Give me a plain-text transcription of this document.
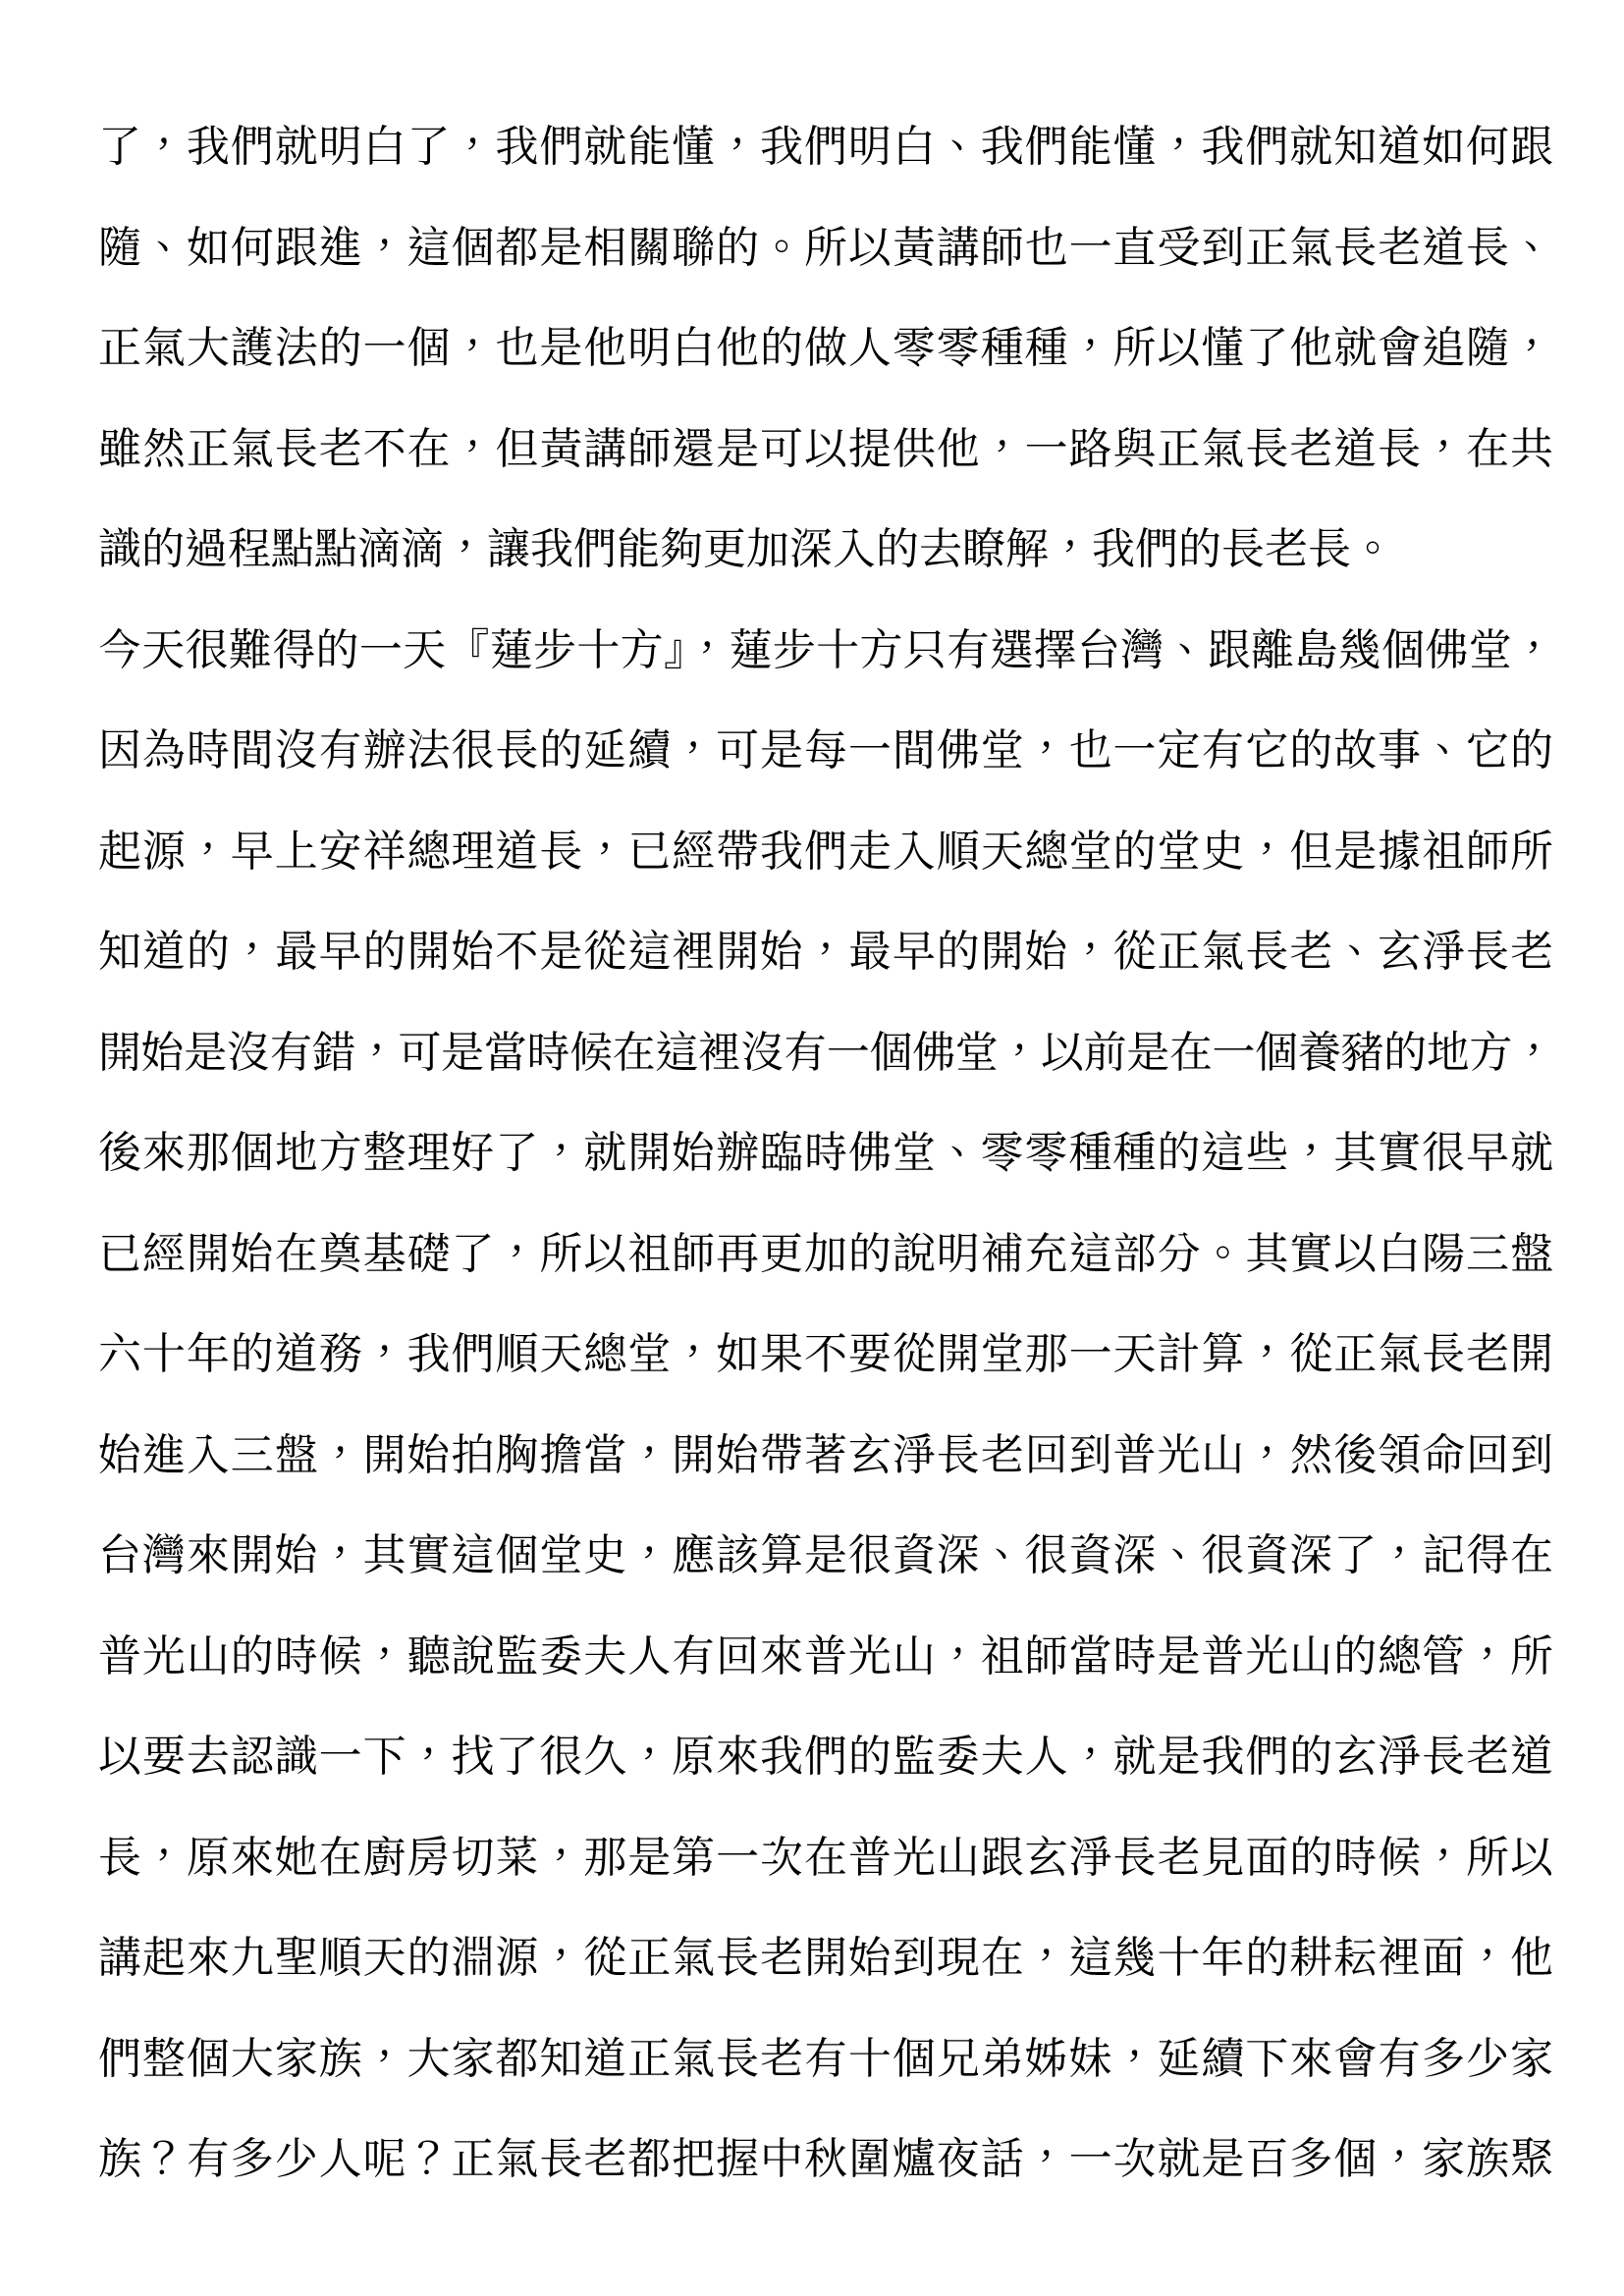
了，我們就明白了，我們就能懂，我們明白、我們能懂，我們就知道如何跟
隨、如何跟進，這個都是相關聯的。所以黃講師也一直受到正氣長老道長、
正氣大護法的一個，也是他明白他的做人零零種種，所以懂了他就會追隨，
雖然正氣長老不在，但黃講師還是可以提供他，一路與正氣長老道長，在共
識的過程點點滴滴，讓我們能夠更加深入的去瞭解，我們的長老長。
今天很難得的一天『蓮步十方』，蓮步十方只有選擇台灣、跟離島幾個佛堂，
因為時間沒有辦法很長的延續，可是每一間佛堂，也一定有它的故事、它的
起源，早上安祥總理道長，已經帶我們走入順天總堂的堂史，但是據祖師所
知道的，最早的開始不是從這裡開始，最早的開始，從正氣長老、玄淨長老
開始是沒有錯，可是當時候在這裡沒有一個佛堂，以前是在一個養豬的地方，
後來那個地方整理好了，就開始辦臨時佛堂、零零種種的這些，其實很早就
已經開始在奠基礎了，所以祖師再更加的說明補充這部分。其實以白陽三盤
六十年的道務，我們順天總堂，如果不要從開堂那一天計算，從正氣長老開
始進入三盤，開始拍胸擔當，開始帶著玄淨長老回到普光山，然後領命回到
台灣來開始，其實這個堂史，應該算是很資深、很資深、很資深了，記得在
普光山的時候，聽說監委夫人有回來普光山，祖師當時是普光山的總管，所
以要去認識一下，找了很久，原來我們的監委夫人，就是我們的玄淨長老道
長，原來她在廚房切菜，那是第一次在普光山跟玄淨長老見面的時候，所以
講起來九聖順天的淵源，從正氣長老開始到現在，這幾十年的耕耘裡面，他
們整個大家族，大家都知道正氣長老有十個兄弟姊妹，延續下來會有多少家
族？有多少人呢？正氣長老都把握中秋圍爐夜話，一次就是百多個，家族聚
